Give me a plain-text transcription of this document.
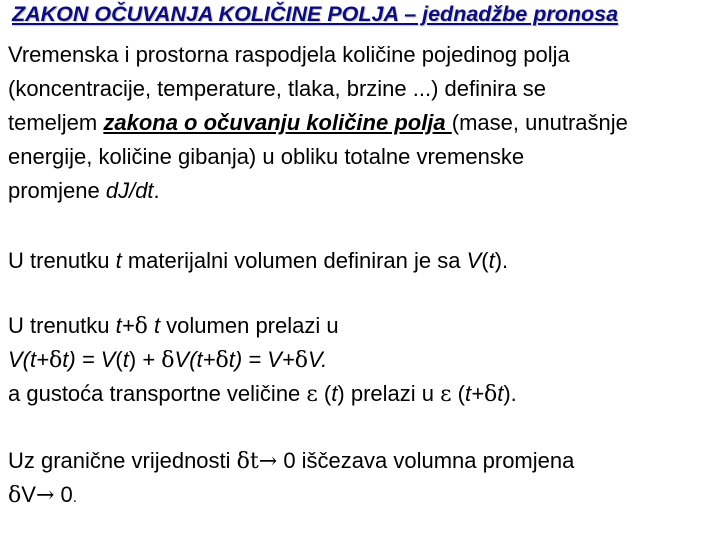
ZAKON OČUVANJA KOLIČINE POLJA – jednadžbe pronosa
Vremenska i prostorna raspodjela količine pojedinog polja
(koncentracije, temperature, tlaka, brzine ...) definira se
temeljem zakona o očuvanju količine polja (mase, unutrašnje
energije, količine gibanja) u obliku totalne vremenske
promjene dJ/dt.
U trenutku t materijalni volumen definiran je sa V(t).
U trenutku t+δ t volumen prelazi u
V(t+δt) = V(t) + δV(t+δt) = V+δV.
a gustoća transportne veličine ε (t) prelazi u ε (t+δt).
Uz granične vrijednosti δt→ 0 iščezava volumna promjena
δV→ 0.
